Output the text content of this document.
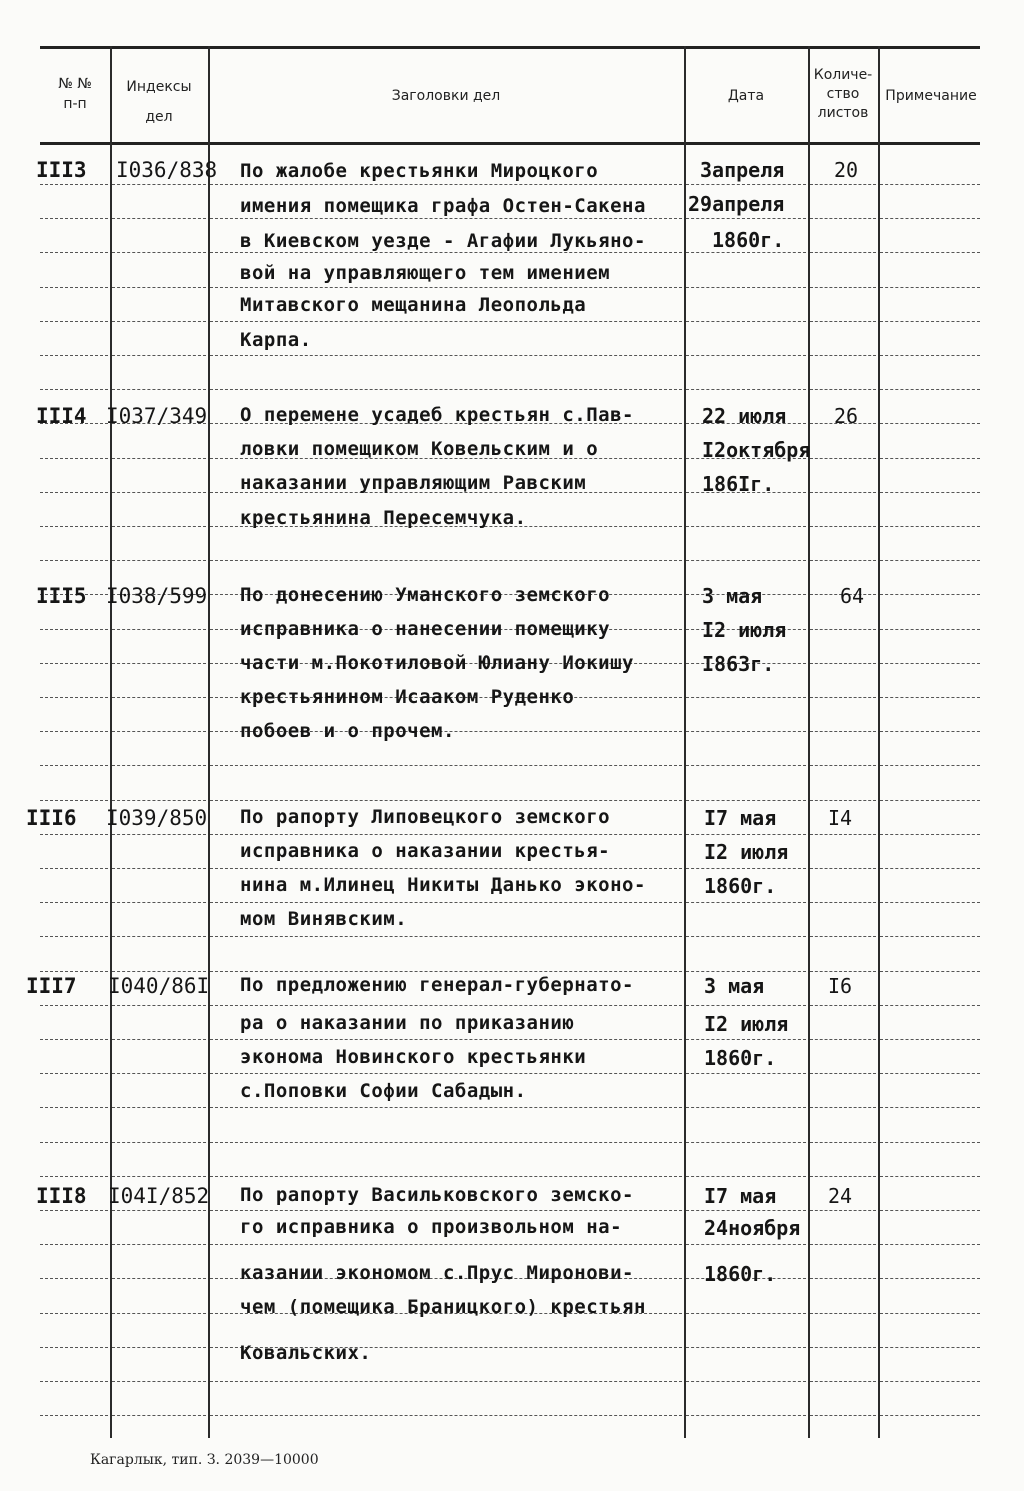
№ №
п-п
Индексы
дел
Заголовки дел	Дата
Количе-
ство
листов
Примечание
III3 I036/838 По жалобе крестьянки Мироцкого
имения помещика графа Остен-Сакена
в Киевском уезде - Агафии Лукьяно-
вой на управляющего тем имением
Митавского мещанина Леопольда
Карпа.
3апреля
29апреля
1860г.
20
III4 I037/349 О перемене усадеб крестьян с.Пав-
ловки помещиком Ковельским и о
наказании управляющим Равским
крестьянина Пересемчука.
22 июля
I2октября
186Iг.
26
III5 I038/599 По донесению Уманского земского
исправника о нанесении помещику
части м.Покотиловой Юлиану Иокишу
крестьянином Исааком Руденко
побоев и о прочем.
3 мая
I2 июля
I863г.
64
III6 I039/850 По рапорту Липовецкого земского
исправника о наказании крестья-
нина м.Илинец Никиты Данько эконо-
мом Винявским.
I7 мая
I2 июля
1860г.
I4
III7 I040/86I По предложению генерал-губернато-
ра о наказании по приказанию
эконома Новинского крестьянки
с.Поповки Софии Сабадын.
3 мая
I2 июля
1860г.
I6
III8 I04I/852 По рапорту Васильковского земско-
го исправника о произвольном на-
казании экономом с.Прус Миронови-
чем (помещика Браницкого) крестьян
Ковальских.
I7 мая
24ноября
1860г.
24
Кагарлык, тип. З. 2039—10000
